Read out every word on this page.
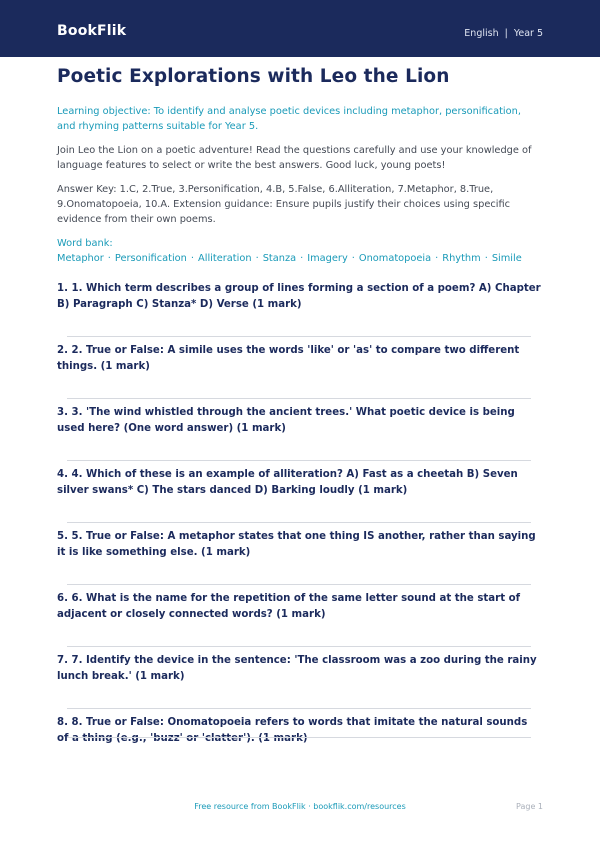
BookFlik	English | Year 5
Poetic Explorations with Leo the Lion

Learning objective: To identify and analyse poetic devices including metaphor, personification, and rhyming patterns suitable for Year 5.

Join Leo the Lion on a poetic adventure! Read the questions carefully and use your knowledge of language features to select or write the best answers. Good luck, young poets!

Answer Key: 1.C, 2.True, 3.Personification, 4.B, 5.False, 6.Alliteration, 7.Metaphor, 8.True, 9.Onomatopoeia, 10.A. Extension guidance: Ensure pupils justify their choices using specific evidence from their own poems.

Word bank: Metaphor · Personification · Alliteration · Stanza · Imagery · Onomatopoeia · Rhythm · Simile

1. 1. Which term describes a group of lines forming a section of a poem? A) Chapter B) Paragraph C) Stanza* D) Verse (1 mark)

2. 2. True or False: A simile uses the words 'like' or 'as' to compare two different things. (1 mark)

3. 3. 'The wind whistled through the ancient trees.' What poetic device is being used here? (One word answer) (1 mark)

4. 4. Which of these is an example of alliteration? A) Fast as a cheetah B) Seven silver swans* C) The stars danced D) Barking loudly (1 mark)

5. 5. True or False: A metaphor states that one thing IS another, rather than saying it is like something else. (1 mark)

6. 6. What is the name for the repetition of the same letter sound at the start of adjacent or closely connected words? (1 mark)

7. 7. Identify the device in the sentence: 'The classroom was a zoo during the rainy lunch break.' (1 mark)

8. 8. True or False: Onomatopoeia refers to words that imitate the natural sounds of a thing (e.g., 'buzz' or 'clatter'). (1 mark)

Free resource from BookFlik · bookflik.com/resources	Page 1
